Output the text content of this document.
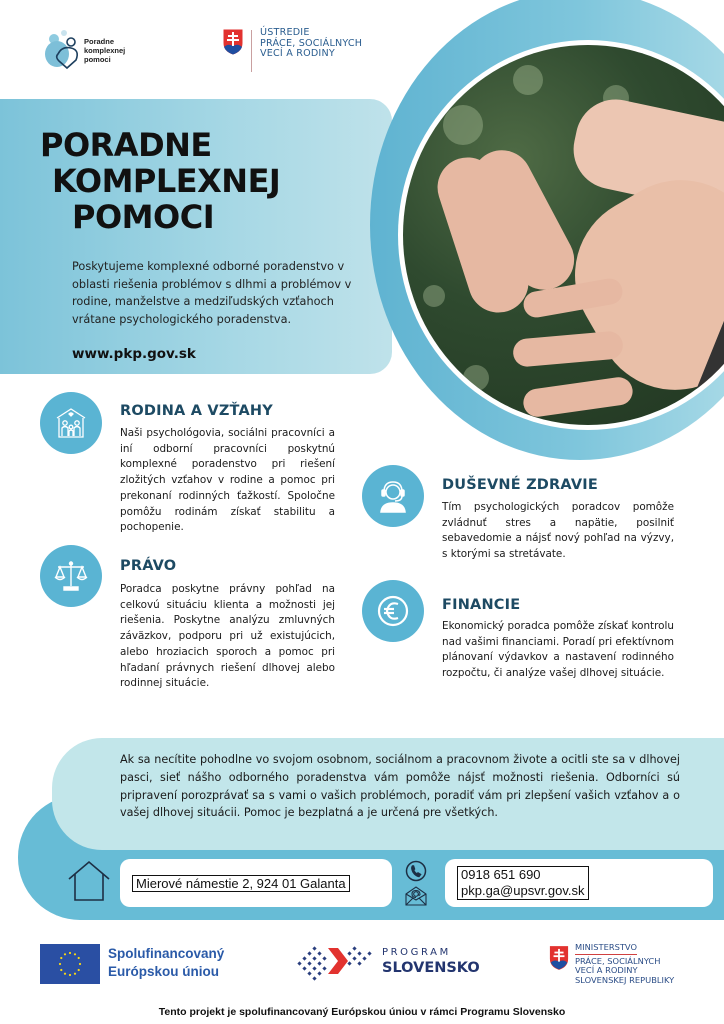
Poradne
komplexnej
pomoci
ÚSTREDIE
PRÁCE, SOCIÁLNYCH
VECÍ A RODINY
PORADNE
KOMPLEXNEJ
POMOCI
Poskytujeme komplexné odborné poradenstvo v oblasti riešenia problémov s dlhmi a problémov v rodine, manželstve a medziľudských vzťahoch vrátane psychologického poradenstva.
www.pkp.gov.sk
RODINA A VZŤAHY
Naši psychológovia, sociálni pracovníci a iní odborní pracovníci poskytnú komplexné poradenstvo pri riešení zložitých vzťahov v rodine a pomoc pri prekonaní rodinných ťažkostí. Spoločne pomôžu rodinám získať stabilitu a pochopenie.
PRÁVO
Poradca poskytne právny pohľad na celkovú situáciu klienta a možnosti jej riešenia. Poskytne analýzu zmluvných záväzkov, podporu pri už existujúcich, alebo hroziacich sporoch a pomoc pri hľadaní právnych riešení dlhovej alebo rodinnej situácie.
DUŠEVNÉ ZDRAVIE
Tím psychologických poradcov pomôže zvládnuť stres a napätie, posilniť sebavedomie a nájsť nový pohľad na výzvy, s ktorými sa stretávate.
FINANCIE
Ekonomický poradca pomôže získať kontrolu nad vašimi financiami. Poradí pri efektívnom plánovaní výdavkov a nastavení rodinného rozpočtu, či analýze vašej dlhovej situácie.
Ak sa necítite pohodlne vo svojom osobnom, sociálnom a pracovnom živote a ocitli ste sa v dlhovej pasci, sieť nášho odborného poradenstva vám pomôže nájsť možnosti riešenia. Odborníci sú pripravení porozprávať sa s vami o vašich problémoch, poradiť vám pri zlepšení vašich vzťahov a o vašej dlhovej situácii. Pomoc je bezplatná a je určená pre všetkých.
Mierové námestie 2, 924 01 Galanta
0918 651 690
pkp.ga@upsvr.gov.sk
Spolufinancovaný
Európskou úniou
PROGRAM
SLOVENSKO
MINISTERSTVO
PRÁCE, SOCIÁLNYCH
VECÍ A RODINY
SLOVENSKEJ REPUBLIKY
Tento projekt je spolufinancovaný Európskou úniou v rámci Programu Slovensko
